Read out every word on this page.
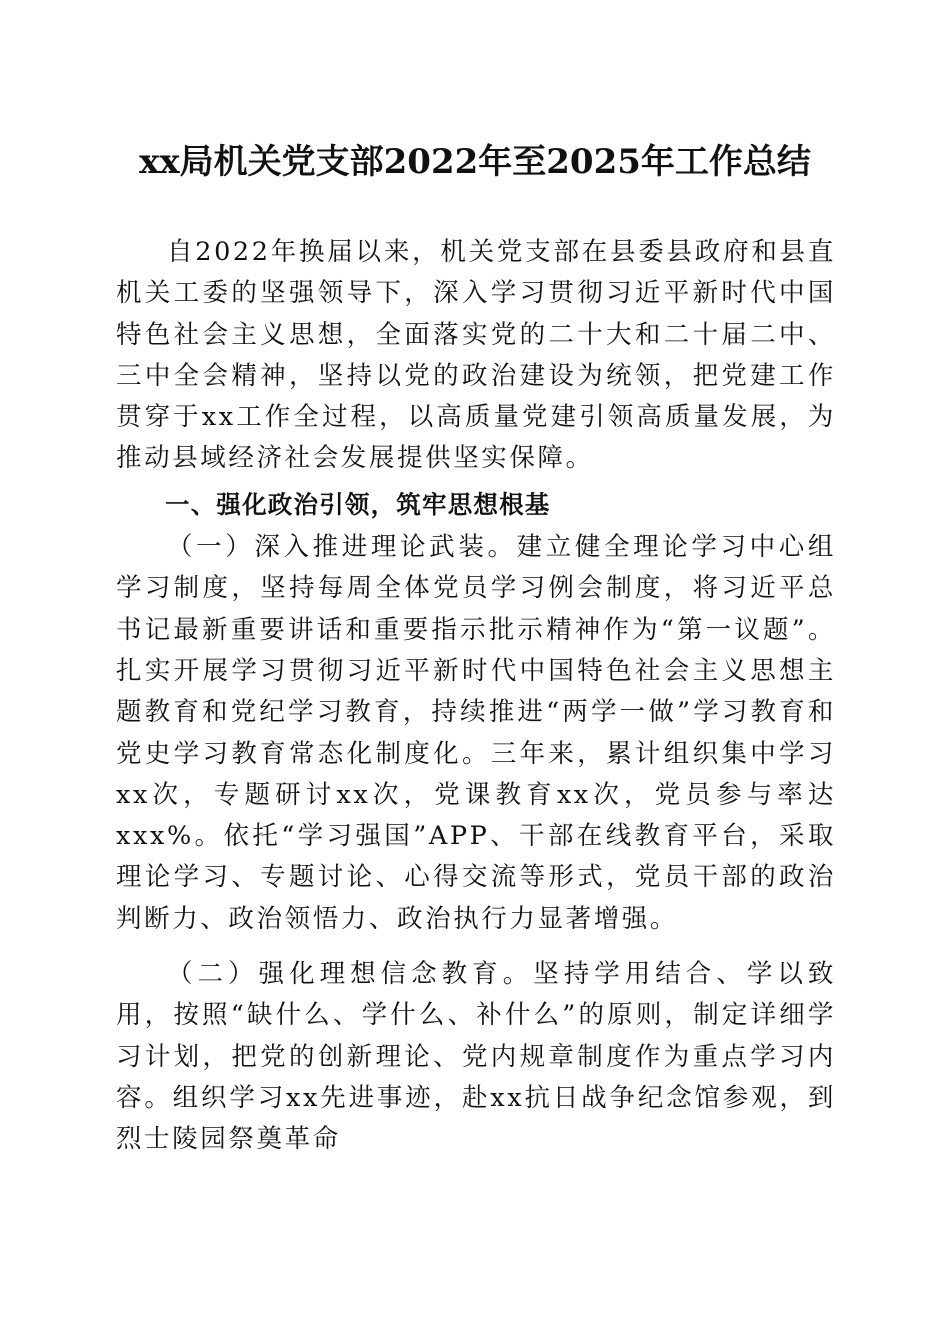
xx局机关党支部2022年至2025年工作总结

自2022年换届以来，机关党支部在县委县政府和县直机关工委的坚强领导下，深入学习贯彻习近平新时代中国特色社会主义思想，全面落实党的二十大和二十届二中、三中全会精神，坚持以党的政治建设为统领，把党建工作贯穿于xx工作全过程，以高质量党建引领高质量发展，为推动县域经济社会发展提供坚实保障。

一、强化政治引领，筑牢思想根基

（一）深入推进理论武装。建立健全理论学习中心组学习制度，坚持每周全体党员学习例会制度，将习近平总书记最新重要讲话和重要指示批示精神作为“第一议题”。扎实开展学习贯彻习近平新时代中国特色社会主义思想主题教育和党纪学习教育，持续推进“两学一做”学习教育和党史学习教育常态化制度化。三年来，累计组织集中学习xx次，专题研讨xx次，党课教育xx次，党员参与率达xxx%。依托“学习强国”APP、干部在线教育平台，采取理论学习、专题讨论、心得交流等形式，党员干部的政治判断力、政治领悟力、政治执行力显著增强。

（二）强化理想信念教育。坚持学用结合、学以致用，按照“缺什么、学什么、补什么”的原则，制定详细学习计划，把党的创新理论、党内规章制度作为重点学习内容。组织学习xx先进事迹，赴xx抗日战争纪念馆参观，到烈士陵园祭奠革命
